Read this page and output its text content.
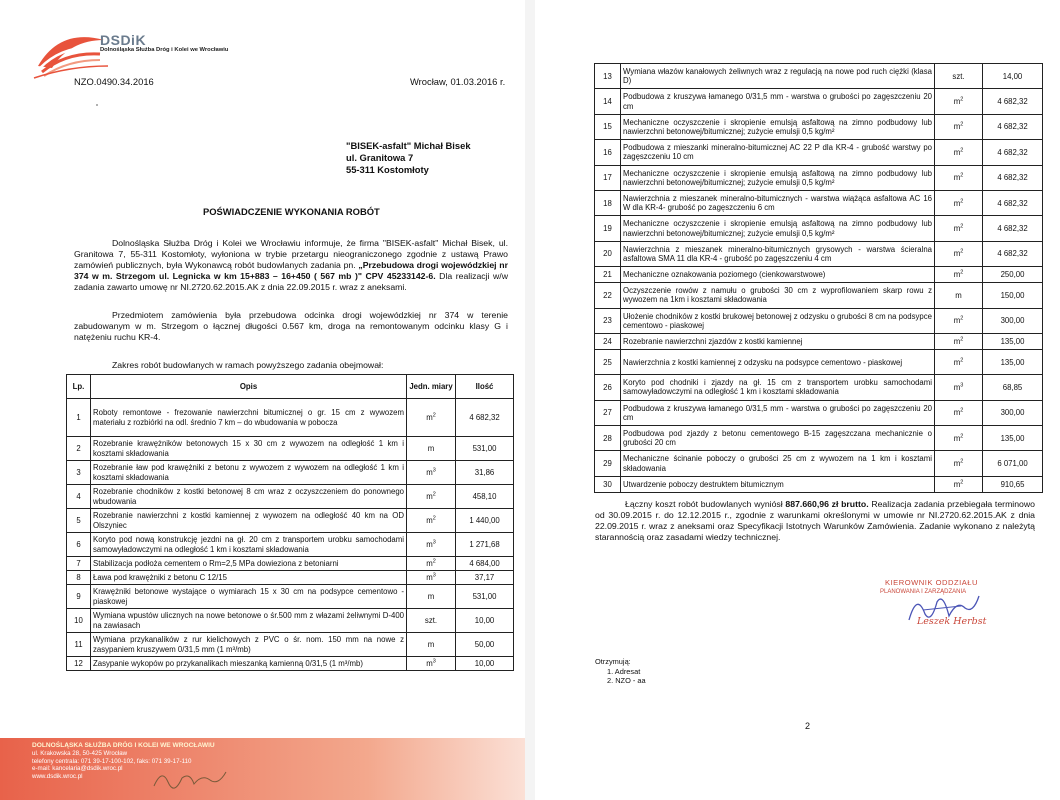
DSDiK
Dolnośląska Służba Dróg i Kolei we Wrocławiu
NZO.0490.34.2016	Wrocław, 01.03.2016 r.
"BISEK-asfalt" Michał Bisek
ul. Granitowa 7
55-311 Kostomłoty
POŚWIADCZENIE WYKONANIA ROBÓT
Dolnośląska Służba Dróg i Kolei we Wrocławiu informuje, że firma "BISEK-asfalt" Michał Bisek, ul. Granitowa 7, 55-311 Kostomłoty, wyłoniona w trybie przetargu nieograniczonego zgodnie z ustawą Prawo zamówień publicznych, była Wykonawcą robót budowlanych zadania pn. „Przebudowa drogi wojewódzkiej nr 374 w m. Strzegom ul. Legnicka w km 15+883 – 16+450 ( 567 mb )" CPV 45233142-6. Dla realizacji w/w zadania zawarto umowę nr NI.2720.62.2015.AK z dnia 22.09.2015 r. wraz z aneksami.
Przedmiotem zamówienia była przebudowa odcinka drogi wojewódzkiej nr 374 w terenie zabudowanym w m. Strzegom o łącznej długości 0.567 km, droga na remontowanym odcinku klasy G i natężeniu ruchu KR-4.
Zakres robót budowlanych w ramach powyższego zadania obejmował:
Lp.	Opis	Jedn. miary	Ilość
1	Roboty remontowe - frezowanie nawierzchni bitumicznej o gr. 15 cm z wywozem materiału z rozbiórki na odl. średnio 7 km – do wbudowania w pobocza	$m^2$	4 682,32
2	Rozebranie krawężników betonowych 15 x 30 cm z wywozem na odległość 1 km i kosztami składowania	m	531,00
3	Rozebranie ław pod krawężniki z betonu z wywozem z wywozem na odległość 1 km i kosztami składowania	$m^3$	31,86
4	Rozebranie chodników z kostki betonowej 8 cm wraz z oczyszczeniem do ponownego wbudowania	$m^2$	458,10
5	Rozebranie nawierzchni z kostki kamiennej z wywozem na odległość 40 km na OD Olszyniec	$m^2$	1 440,00
6	Koryto pod nową konstrukcję jezdni na gł. 20 cm z transportem urobku samochodami samowyładowczymi na odległość 1 km i kosztami składowania	$m^3$	1 271,68
7	Stabilizacja podłoża cementem o Rm=2,5 MPa dowieziona z betoniarni	$m^2$	4 684,00
8	Ława pod krawężniki z betonu C 12/15	$m^3$	37,17
9	Krawężniki betonowe wystające o wymiarach 15 x 30 cm na podsypce cementowo - piaskowej	m	531,00
10	Wymiana wpustów ulicznych na nowe betonowe o śr.500 mm z włazami żeliwnymi D-400 na zawiasach	szt.	10,00
11	Wymiana przykanalików z rur kielichowych z PVC o śr. nom. 150 mm na nowe z zasypaniem kruszywem 0/31,5 mm (1 m³/mb)	m	50,00
12	Zasypanie wykopów po przykanalikach mieszanką kamienną 0/31,5 (1 m³/mb)	$m^3$	10,00
DOLNOŚLĄSKA SŁUŻBA DRÓG I KOLEI WE WROCŁAWIU
ul. Krakowska 28, 50-425 Wrocław
telefony centrala: 071 39-17-100-102, faks: 071 39-17-110
e-mail: kancelaria@dsdik.wroc.pl
www.dsdik.wroc.pl
13	Wymiana włazów kanałowych żeliwnych wraz z regulacją na nowe pod ruch ciężki (klasa D)	szt.	14,00
14	Podbudowa z kruszywa łamanego 0/31,5 mm - warstwa o grubości po zagęszczeniu 20 cm	$m^2$	4 682,32
15	Mechaniczne oczyszczenie i skropienie emulsją asfaltową na zimno podbudowy lub nawierzchni betonowej/bitumicznej; zużycie emulsji 0,5 kg/m²	$m^2$	4 682,32
16	Podbudowa z mieszanki mineralno-bitumicznej AC 22 P dla KR-4 - grubość warstwy po zagęszczeniu 10 cm	$m^2$	4 682,32
17	Mechaniczne oczyszczenie i skropienie emulsją asfaltową na zimno podbudowy lub nawierzchni betonowej/bitumicznej; zużycie emulsji 0,5 kg/m²	$m^2$	4 682,32
18	Nawierzchnia z mieszanek mineralno-bitumicznych - warstwa wiążąca asfaltowa AC 16 W dla KR-4- grubość po zagęszczeniu 6 cm	$m^2$	4 682,32
19	Mechaniczne oczyszczenie i skropienie emulsją asfaltową na zimno podbudowy lub nawierzchni betonowej/bitumicznej; zużycie emulsji 0,5 kg/m²	$m^2$	4 682,32
20	Nawierzchnia z mieszanek mineralno-bitumicznych grysowych - warstwa ścieralna asfaltowa SMA 11 dla KR-4 - grubość po zagęszczeniu 4 cm	$m^2$	4 682,32
21	Mechaniczne oznakowania poziomego (cienkowarstwowe)	$m^2$	250,00
22	Oczyszczenie rowów z namułu o grubości 30 cm z wyprofilowaniem skarp rowu z wywozem na 1km i kosztami składowania	m	150,00
23	Ułożenie chodników z kostki brukowej betonowej z odzysku o grubości 8 cm na podsypce cementowo - piaskowej	$m^2$	300,00
24	Rozebranie nawierzchni zjazdów z kostki kamiennej	$m^2$	135,00
25	Nawierzchnia z kostki kamiennej z odzysku na podsypce cementowo - piaskowej	$m^2$	135,00
26	Koryto pod chodniki i zjazdy na gł. 15 cm z transportem urobku samochodami samowyładowczymi na odległość 1 km i kosztami składowania	$m^3$	68,85
27	Podbudowa z kruszywa łamanego 0/31,5 mm - warstwa o grubości po zagęszczeniu 20 cm	$m^2$	300,00
28	Podbudowa pod zjazdy z betonu cementowego B-15 zagęszczana mechanicznie o grubości 20 cm	$m^2$	135,00
29	Mechaniczne ścinanie poboczy o grubości 25 cm z wywozem na 1 km i kosztami składowania	$m^2$	6 071,00
30	Utwardzenie poboczy destruktem bitumicznym	$m^2$	910,65
Łączny koszt robót budowlanych wyniósł 887.660,96 zł brutto. Realizacja zadania przebiegała terminowo od 30.09.2015 r. do 12.12.2015 r., zgodnie z warunkami określonymi w umowie nr NI.2720.62.2015.AK z dnia 22.09.2015 r. wraz z aneksami oraz Specyfikacji Istotnych Warunków Zamówienia. Zadanie wykonano z należytą starannością oraz zasadami wiedzy technicznej.
KIEROWNIK ODDZIAŁU
PLANOWANIA I ZARZĄDZANIA
Leszek Herbst
Otrzymują:
1. Adresat
2. NZO - aa
2
